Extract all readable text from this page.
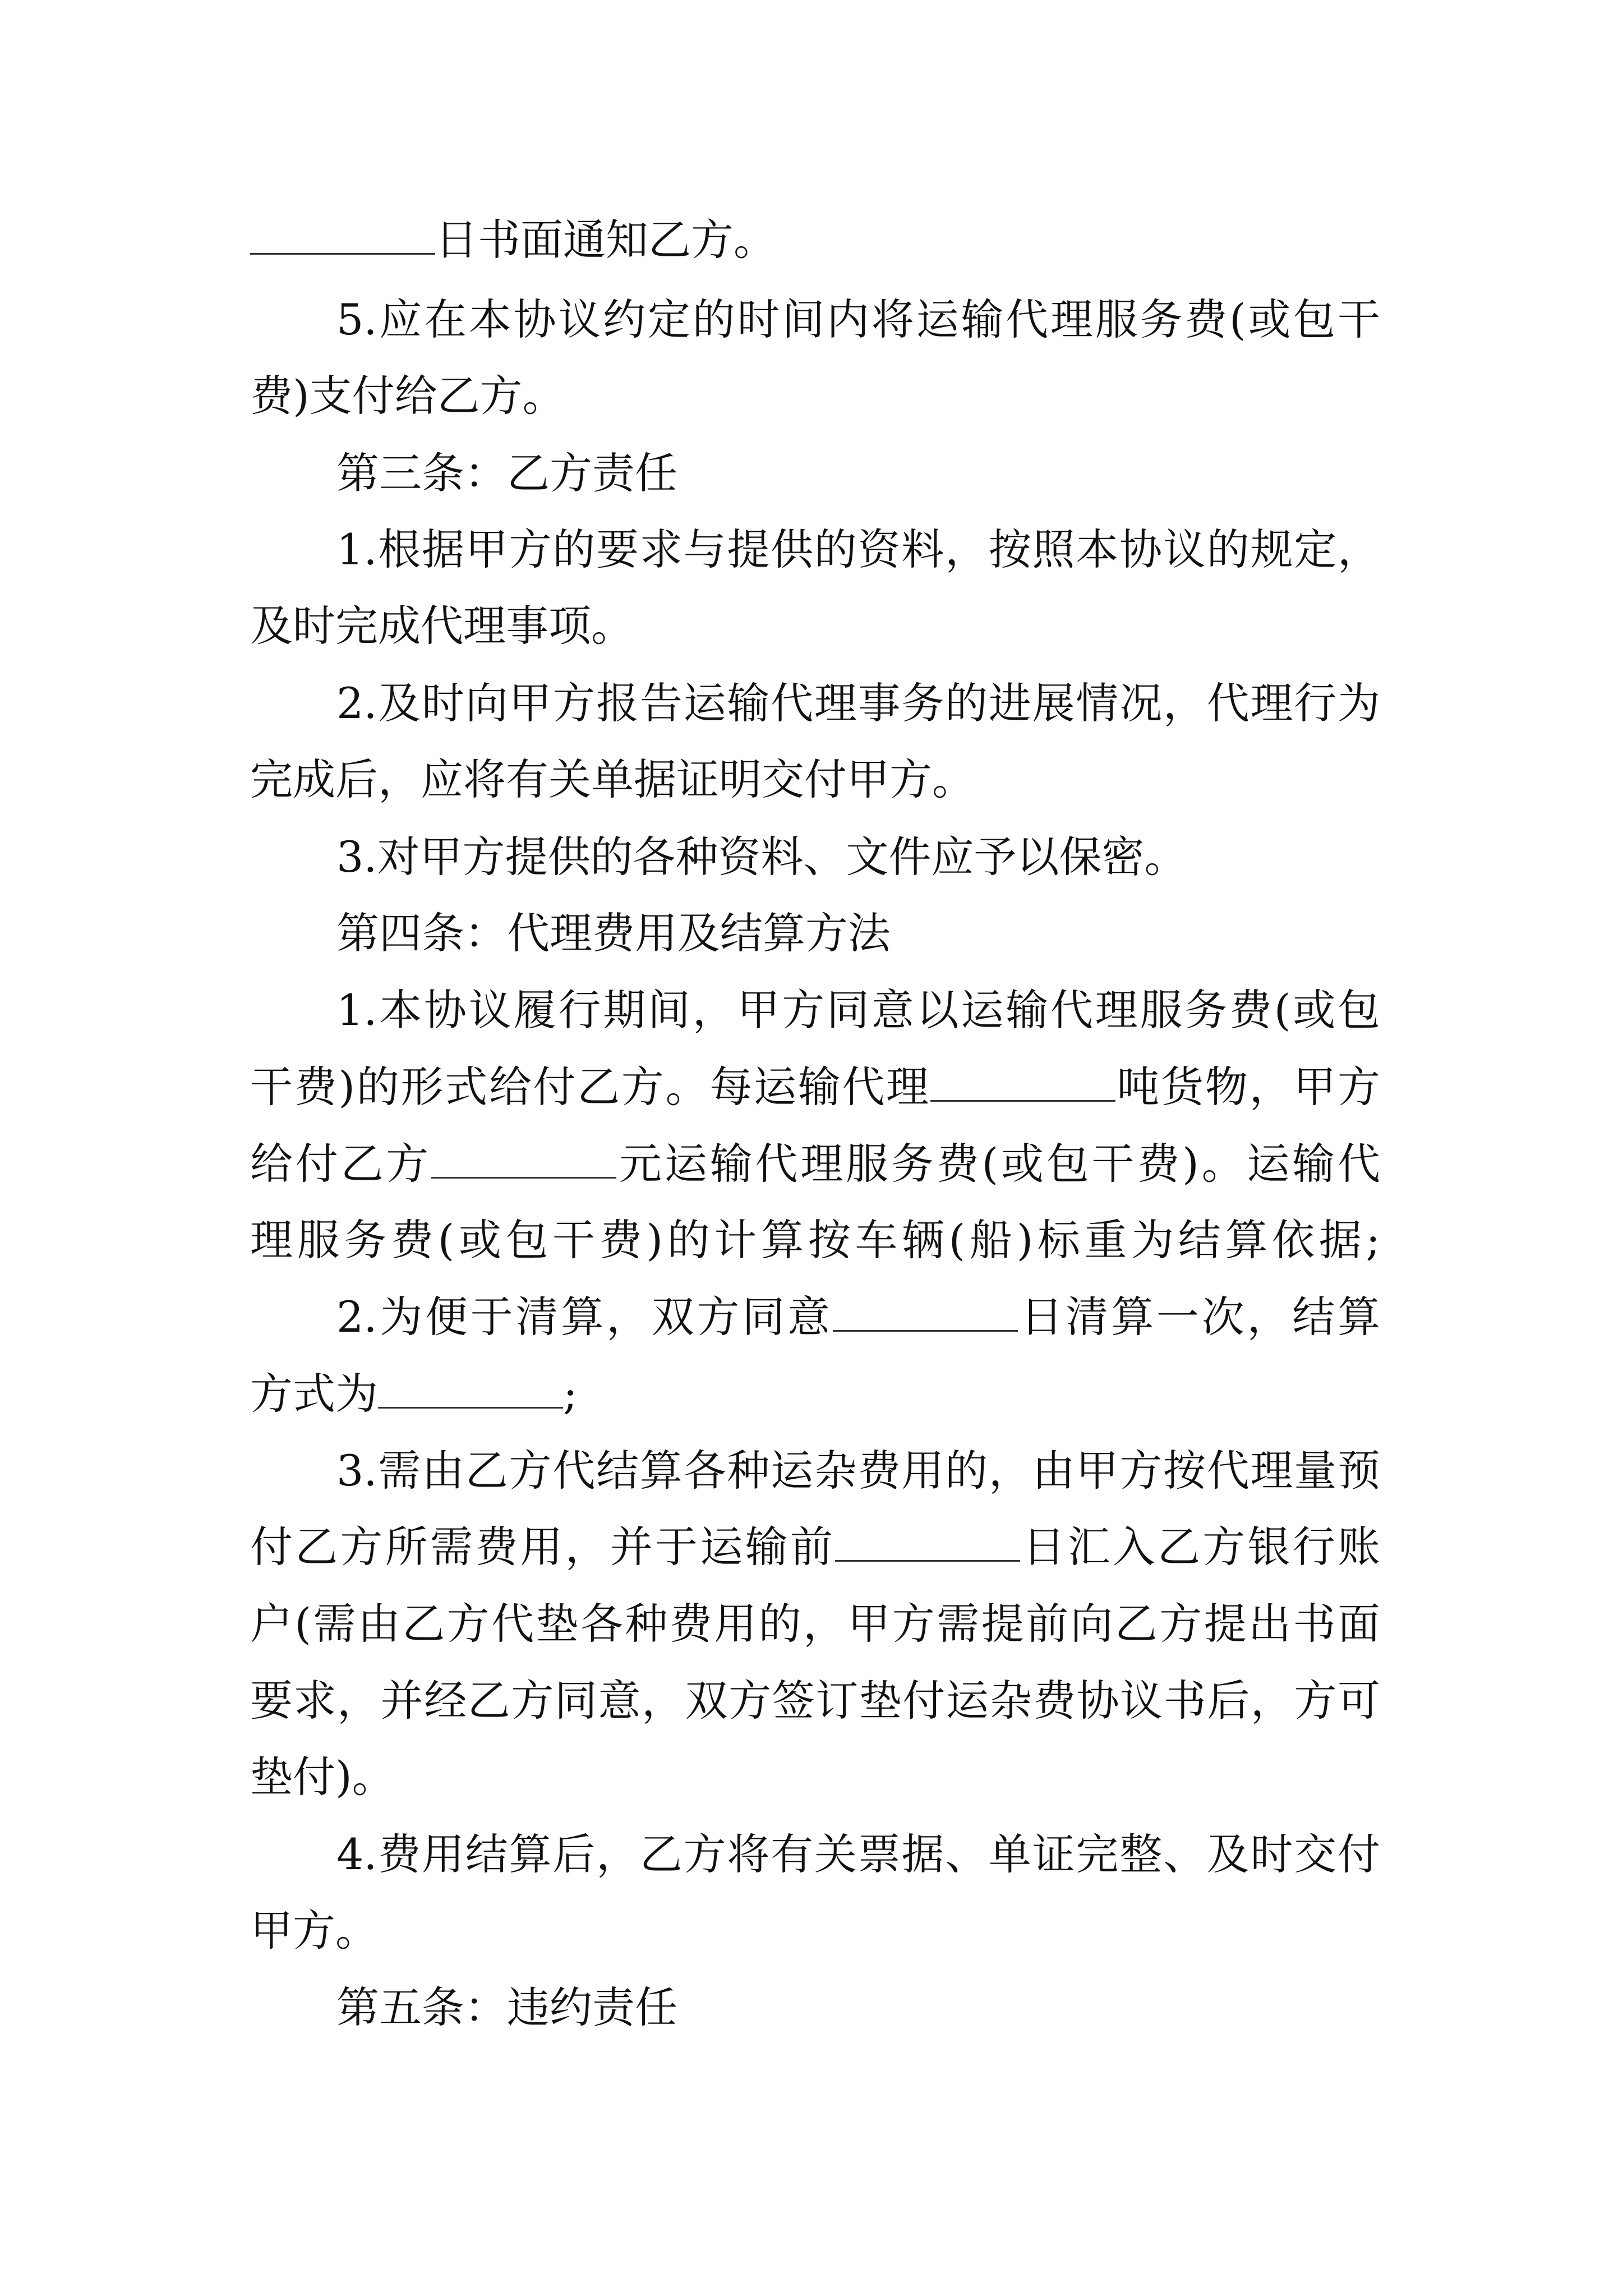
日书面通知乙方。
5.应在本协议约定的时间内将运输代理服务费(或包干
费)支付给乙方。
第三条：乙方责任
1.根据甲方的要求与提供的资料，按照本协议的规定，
及时完成代理事项。
2.及时向甲方报告运输代理事务的进展情况，代理行为
完成后，应将有关单据证明交付甲方。
3.对甲方提供的各种资料、文件应予以保密。
第四条：代理费用及结算方法
1.本协议履行期间，甲方同意以运输代理服务费(或包
干费)的形式给付乙方。每运输代理	吨货物，甲方
给付乙方	元运输代理服务费(或包干费)。运输代
理服务费(或包干费)的计算按车辆(船)标重为结算依据;
2.为便于清算，双方同意	日清算一次，结算
方式为	;
3.需由乙方代结算各种运杂费用的，由甲方按代理量预
付乙方所需费用，并于运输前	日汇入乙方银行账
户(需由乙方代垫各种费用的，甲方需提前向乙方提出书面
要求，并经乙方同意，双方签订垫付运杂费协议书后，方可
垫付)。
4.费用结算后，乙方将有关票据、单证完整、及时交付
甲方。
第五条：违约责任
